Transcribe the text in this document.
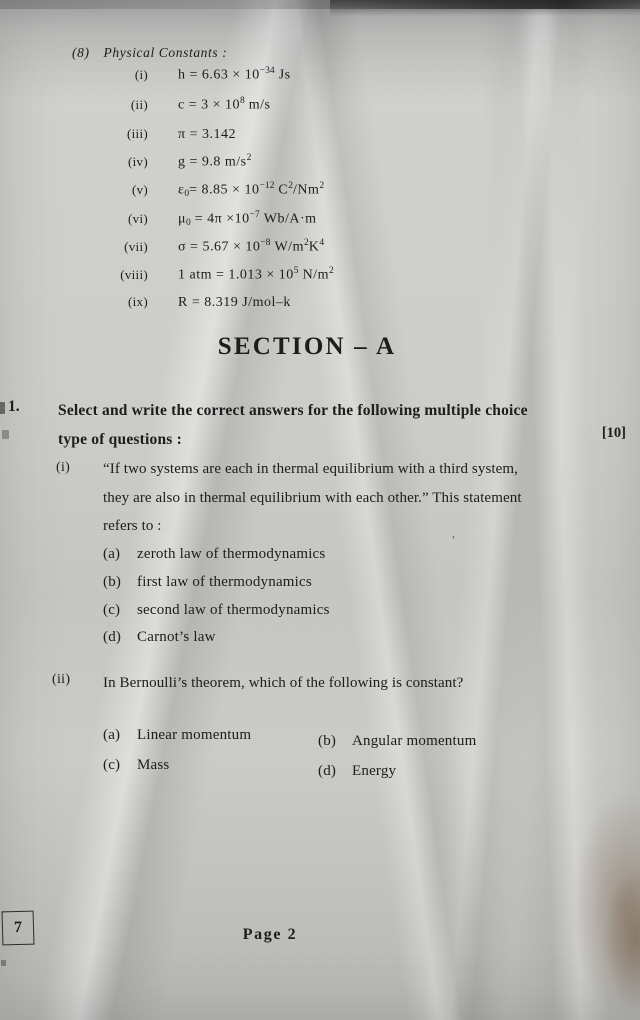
(8) Physical Constants :
(i) $h = 6.63 \times 10^{-34}$ Js
(ii) $c = 3 \times 10^8$ m/s
(iii) π = 3.142
(iv) g = 9.8 $m/s^2$
(v) $\varepsilon_0= 8.85 \times 10^{-12}$ $C^2/Nm^2$
(vi) $\mu_0 = 4\pi \times 10^{-7}$ Wb/A·m
(vii) $\sigma = 5.67 \times 10^{-8}$ $W/m^2K^4$
(viii) 1 atm = $1.013 \times 10^5$ $N/m^2$
(ix) R = 8.319 J/mol–k
SECTION – A
1. Select and write the correct answers for the following multiple choice type of questions :	[10]
(i) “If two systems are each in thermal equilibrium with a third system, they are also in thermal equilibrium with each other.” This statement refers to :	,
(a) zeroth law of thermodynamics
(b) first law of thermodynamics
(c) second law of thermodynamics
(d) Carnot’s law
(ii) In Bernoulli’s theorem, which of the following is constant?
(a) Linear momentum	(b) Angular momentum
(c) Mass	(d) Energy
7	Page 2
